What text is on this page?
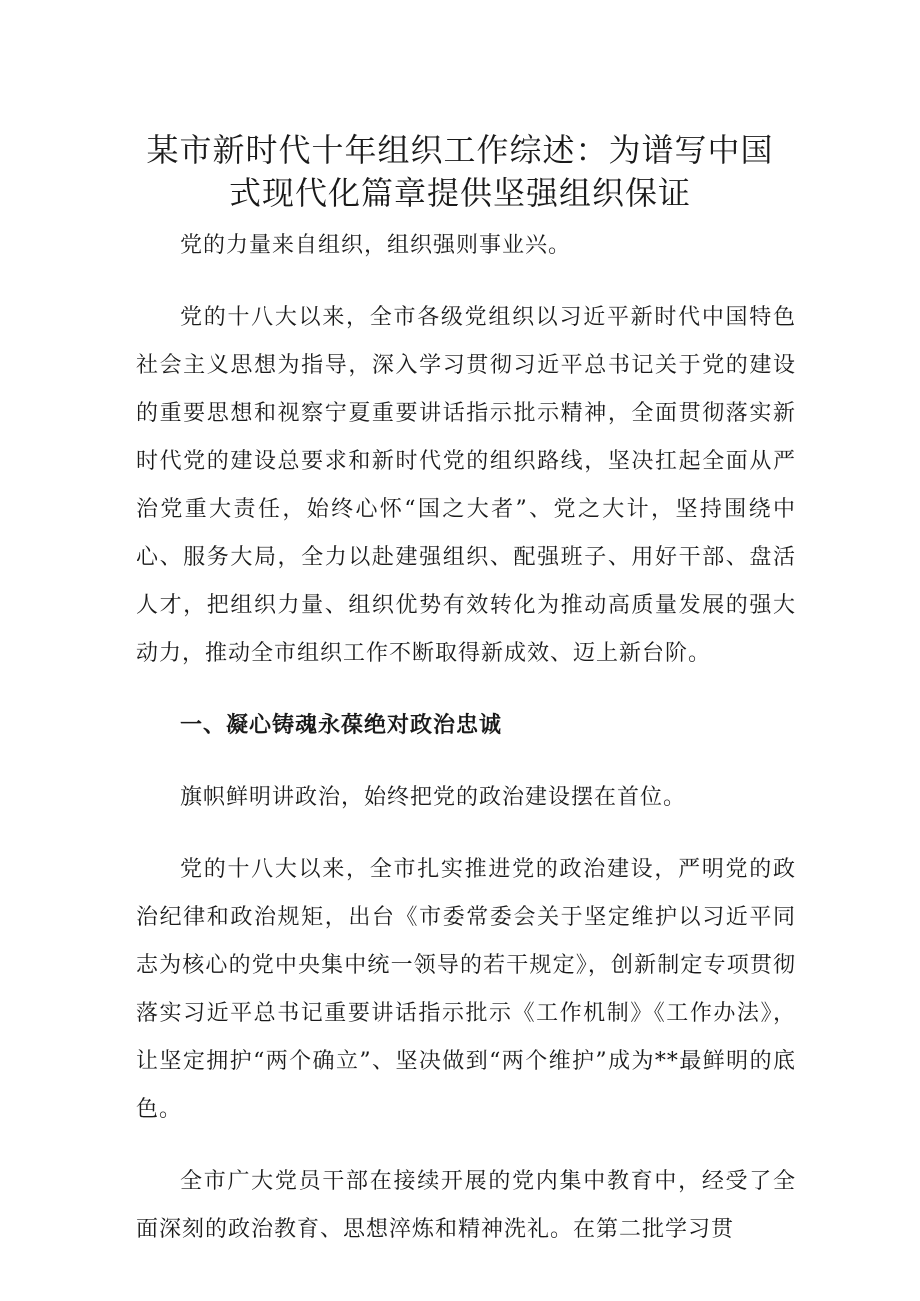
某市新时代十年组织工作综述：为谱写中国
式现代化篇章提供坚强组织保证

党的力量来自组织，组织强则事业兴。

党的十八大以来，全市各级党组织以习近平新时代中国特色社会主义思想为指导，深入学习贯彻习近平总书记关于党的建设的重要思想和视察宁夏重要讲话指示批示精神，全面贯彻落实新时代党的建设总要求和新时代党的组织路线，坚决扛起全面从严治党重大责任，始终心怀“国之大者”、党之大计，坚持围绕中心、服务大局，全力以赴建强组织、配强班子、用好干部、盘活人才，把组织力量、组织优势有效转化为推动高质量发展的强大动力，推动全市组织工作不断取得新成效、迈上新台阶。

一、凝心铸魂永葆绝对政治忠诚

旗帜鲜明讲政治，始终把党的政治建设摆在首位。

党的十八大以来，全市扎实推进党的政治建设，严明党的政治纪律和政治规矩，出台《市委常委会关于坚定维护以习近平同志为核心的党中央集中统一领导的若干规定》，创新制定专项贯彻落实习近平总书记重要讲话指示批示《工作机制》《工作办法》，让坚定拥护“两个确立”、坚决做到“两个维护”成为**最鲜明的底色。

全市广大党员干部在接续开展的党内集中教育中，经受了全面深刻的政治教育、思想淬炼和精神洗礼。在第二批学习贯
